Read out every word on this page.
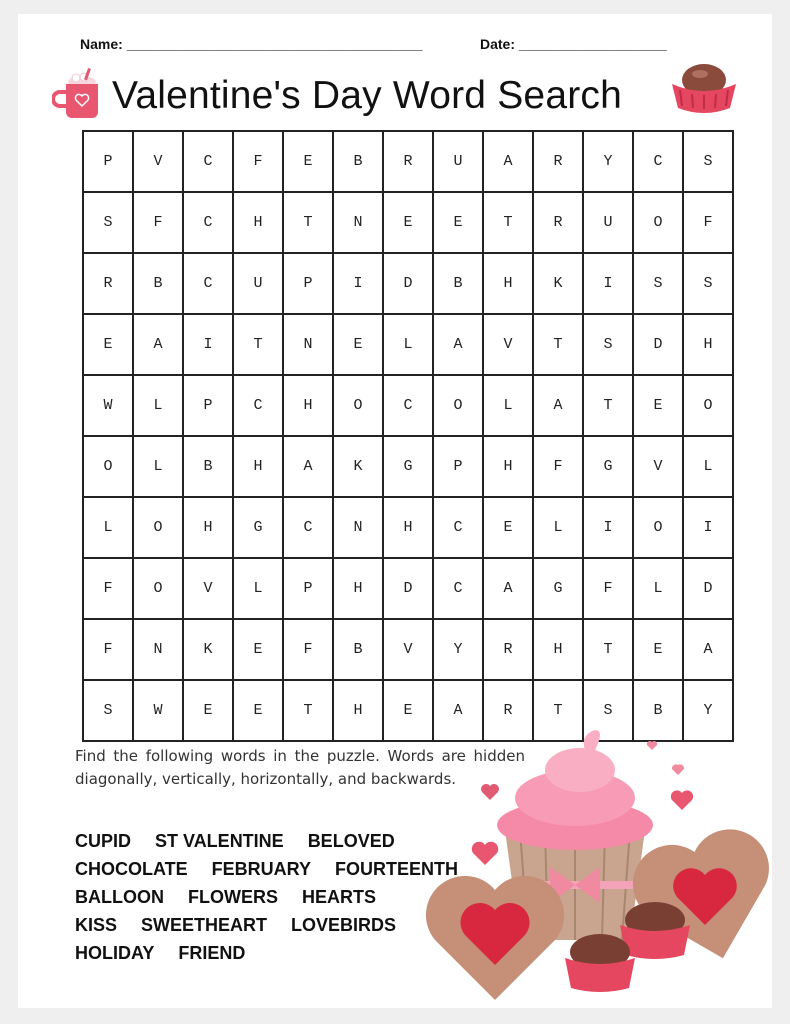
Name: ______________________________________	Date: ___________________
Valentine's Day Word Search
P	V	C	F	E	B	R	U	A	R	Y	C	S
S	F	C	H	T	N	E	E	T	R	U	O	F
R	B	C	U	P	I	D	B	H	K	I	S	S
E	A	I	T	N	E	L	A	V	T	S	D	H
W	L	P	C	H	O	C	O	L	A	T	E	O
O	L	B	H	A	K	G	P	H	F	G	V	L
L	O	H	G	C	N	H	C	E	L	I	O	I
F	O	V	L	P	H	D	C	A	G	F	L	D
F	N	K	E	F	B	V	Y	R	H	T	E	A
S	W	E	E	T	H	E	A	R	T	S	B	Y
Find the following words in the puzzle. Words are hidden diagonally, vertically, horizontally, and backwards.
CUPID ST VALENTINE BELOVED
CHOCOLATE FEBRUARY FOURTEENTH
BALLOON FLOWERS HEARTS
KISS SWEETHEART LOVEBIRDS
HOLIDAY FRIEND
